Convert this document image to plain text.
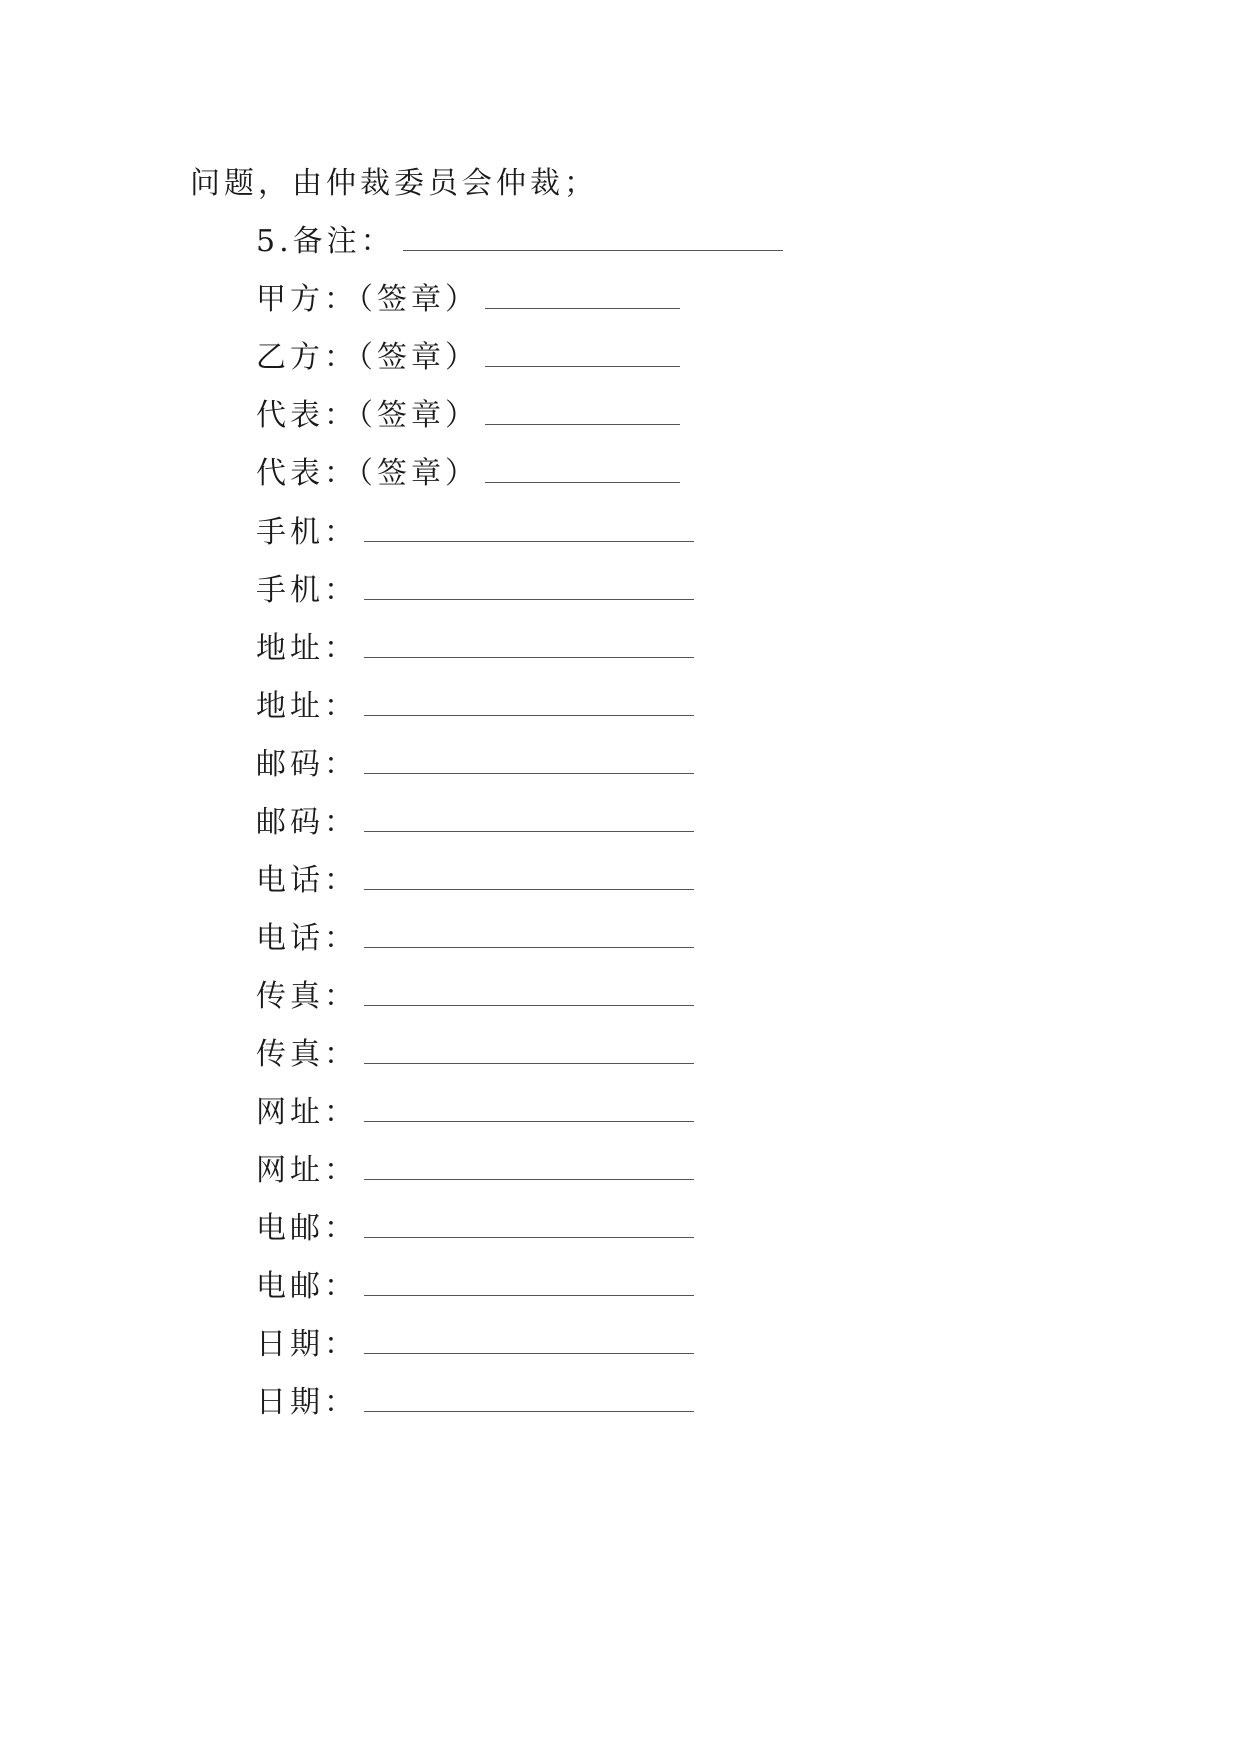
问题，由仲裁委员会仲裁；
5.备注：
甲方：（签章）
乙方：（签章）
代表：（签章）
代表：（签章）
手机：
手机：
地址：
地址：
邮码：
邮码：
电话：
电话：
传真：
传真：
网址：
网址：
电邮：
电邮：
日期：
日期：
